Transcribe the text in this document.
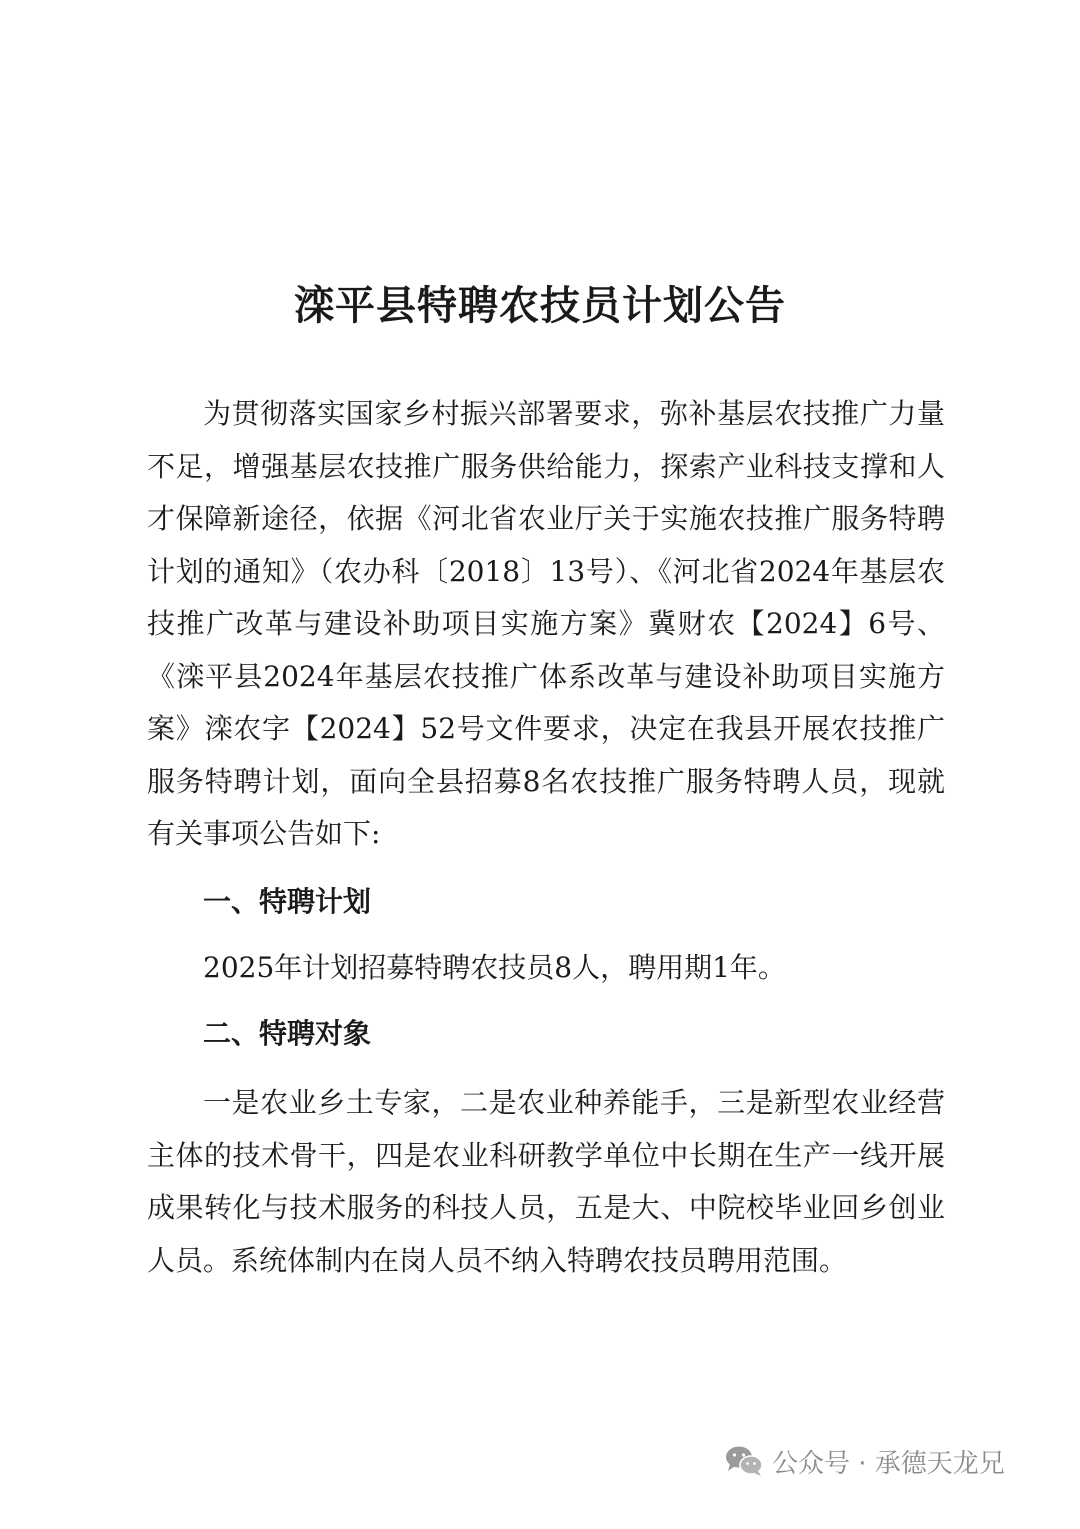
滦平县特聘农技员计划公告

为贯彻落实国家乡村振兴部署要求，弥补基层农技推广力量不足，增强基层农技推广服务供给能力，探索产业科技支撑和人才保障新途径，依据《河北省农业厅关于实施农技推广服务特聘计划的通知》（农办科〔2018〕13号）、《河北省2024年基层农技推广改革与建设补助项目实施方案》冀财农【2024】6号、《滦平县2024年基层农技推广体系改革与建设补助项目实施方案》滦农字【2024】52号文件要求，决定在我县开展农技推广服务特聘计划，面向全县招募8名农技推广服务特聘人员，现就有关事项公告如下:

一、特聘计划

2025年计划招募特聘农技员8人，聘用期1年。

二、特聘对象

一是农业乡土专家，二是农业种养能手，三是新型农业经营主体的技术骨干，四是农业科研教学单位中长期在生产一线开展成果转化与技术服务的科技人员，五是大、中院校毕业回乡创业人员。系统体制内在岗人员不纳入特聘农技员聘用范围。

公众号 · 承德天龙兄
